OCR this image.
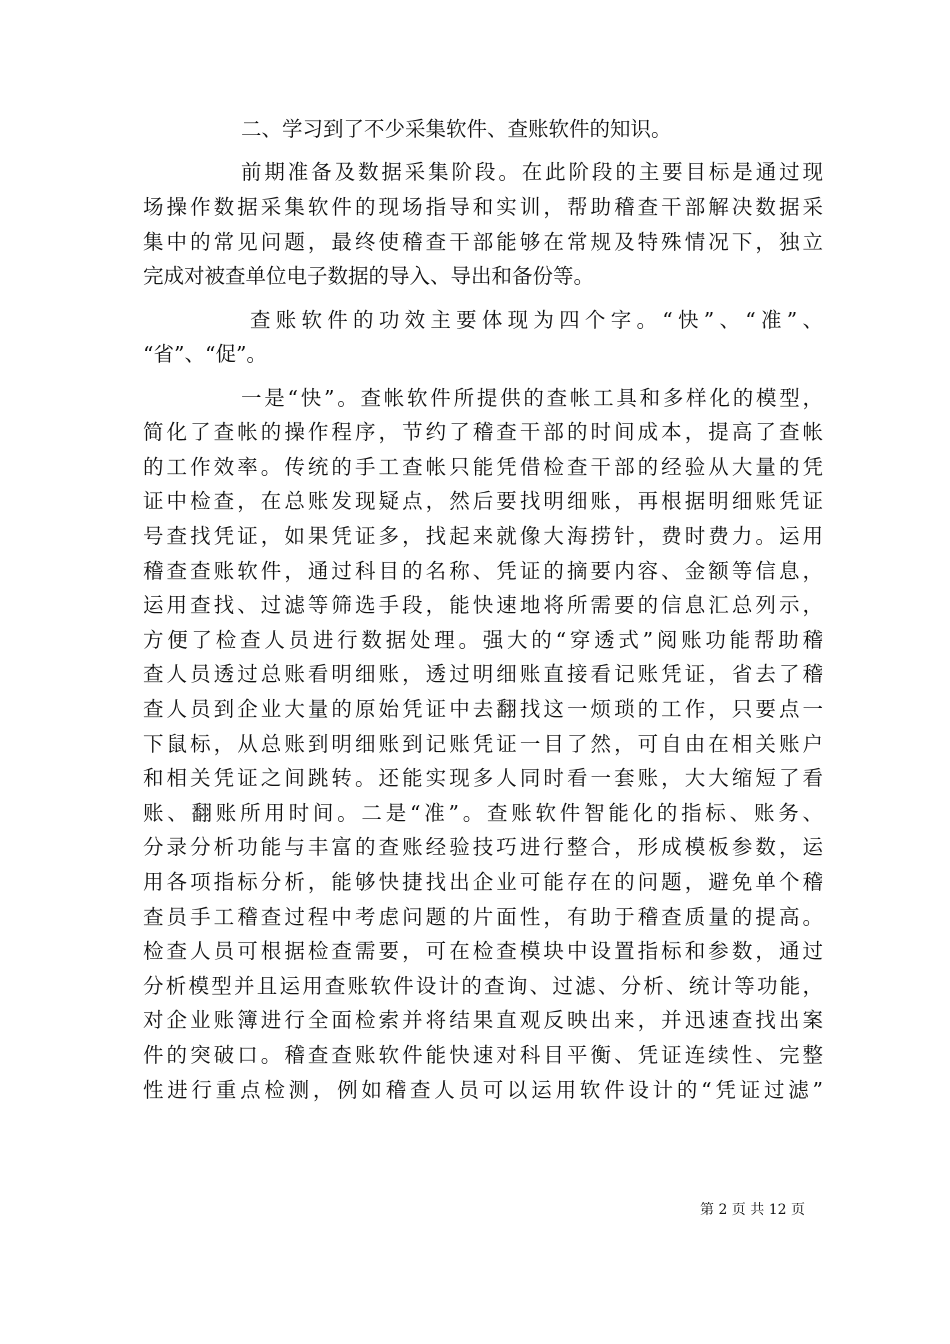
二、学习到了不少采集软件、查账软件的知识。
前期准备及数据采集阶段。在此阶段的主要目标是通过现
场操作数据采集软件的现场指导和实训，帮助稽查干部解决数据采
集中的常见问题，最终使稽查干部能够在常规及特殊情况下，独立
完成对被查单位电子数据的导入、导出和备份等。
查账软件的功效主要体现为四个字。“快”、“准”、
“省”、“促”。
一是“快”。查帐软件所提供的查帐工具和多样化的模型，
简化了查帐的操作程序，节约了稽查干部的时间成本，提高了查帐
的工作效率。传统的手工查帐只能凭借检查干部的经验从大量的凭
证中检查，在总账发现疑点，然后要找明细账，再根据明细账凭证
号查找凭证，如果凭证多，找起来就像大海捞针，费时费力。运用
稽查查账软件，通过科目的名称、凭证的摘要内容、金额等信息，
运用查找、过滤等筛选手段，能快速地将所需要的信息汇总列示，
方便了检查人员进行数据处理。强大的“穿透式”阅账功能帮助稽
查人员透过总账看明细账，透过明细账直接看记账凭证，省去了稽
查人员到企业大量的原始凭证中去翻找这一烦琐的工作，只要点一
下鼠标，从总账到明细账到记账凭证一目了然，可自由在相关账户
和相关凭证之间跳转。还能实现多人同时看一套账，大大缩短了看
账、翻账所用时间。二是“准”。查账软件智能化的指标、账务、
分录分析功能与丰富的查账经验技巧进行整合，形成模板参数，运
用各项指标分析，能够快捷找出企业可能存在的问题，避免单个稽
查员手工稽查过程中考虑问题的片面性，有助于稽查质量的提高。
检查人员可根据检查需要，可在检查模块中设置指标和参数，通过
分析模型并且运用查账软件设计的查询、过滤、分析、统计等功能，
对企业账簿进行全面检索并将结果直观反映出来，并迅速查找出案
件的突破口。稽查查账软件能快速对科目平衡、凭证连续性、完整
性进行重点检测，例如稽查人员可以运用软件设计的“凭证过滤”
第 2 页 共 12 页
